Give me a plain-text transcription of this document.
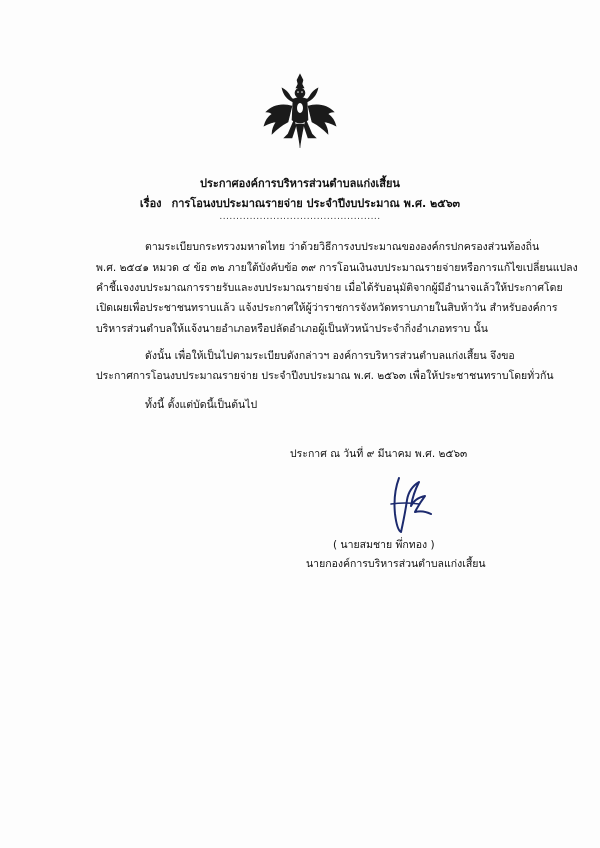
ประกาศองค์การบริหารส่วนตำบลแก่งเสี้ยน
เรื่อง การโอนงบประมาณรายจ่าย ประจำปีงบประมาณ พ.ศ. ๒๕๖๓
................................................
ตามระเบียบกระทรวงมหาดไทย ว่าด้วยวิธีการงบประมาณขององค์กรปกครองส่วนท้องถิ่น
พ.ศ. ๒๕๔๑ หมวด ๔ ข้อ ๓๒ ภายใต้บังคับข้อ ๓๙ การโอนเงินงบประมาณรายจ่ายหรือการแก้ไขเปลี่ยนแปลง
คำชี้แจงงบประมาณการรายรับและงบประมาณรายจ่าย เมื่อได้รับอนุมัติจากผู้มีอำนาจแล้วให้ประกาศโดย
เปิดเผยเพื่อประชาชนทราบแล้ว แจ้งประกาศให้ผู้ว่าราชการจังหวัดทราบภายในสิบห้าวัน สำหรับองค์การ
บริหารส่วนตำบลให้แจ้งนายอำเภอหรือปลัดอำเภอผู้เป็นหัวหน้าประจำกิ่งอำเภอทราบ นั้น
ดังนั้น เพื่อให้เป็นไปตามระเบียบดังกล่าวฯ องค์การบริหารส่วนตำบลแก่งเสี้ยน จึงขอ
ประกาศการโอนงบประมาณรายจ่าย ประจำปีงบประมาณ พ.ศ. ๒๕๖๓ เพื่อให้ประชาชนทราบโดยทั่วกัน
ทั้งนี้ ตั้งแต่บัดนี้เป็นต้นไป
ประกาศ ณ วันที่ ๙ มีนาคม พ.ศ. ๒๕๖๓
( นายสมชาย พึ่กทอง )
นายกองค์การบริหารส่วนตำบลแก่งเสี้ยน
